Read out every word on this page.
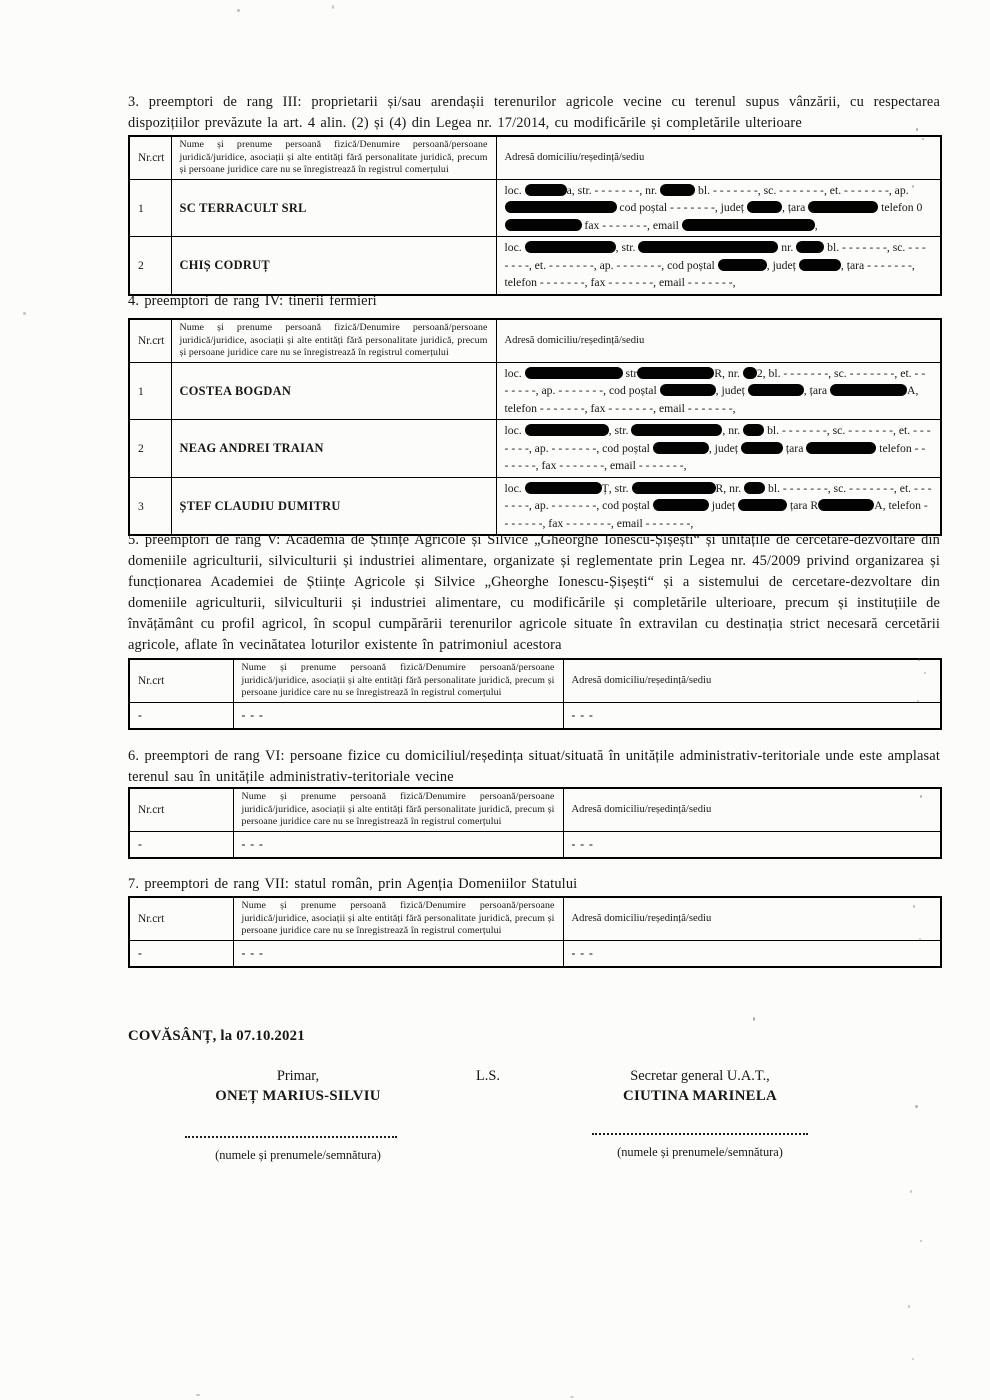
3. preemptori de rang III: proprietarii și/sau arendașii terenurilor agricole vecine cu terenul supus vânzării, cu respectarea dispozițiilor prevăzute la art. 4 alin. (2) și (4) din Legea nr. 17/2014, cu modificările și completările ulterioare
Nr.crt	Nume și prenume persoană fizică/Denumire persoană/persoane juridică/juridice, asociații și alte entități fără personalitate juridică, precum și persoane juridice care nu se înregistrează în registrul comerțului	Adresă domiciliu/reședință/sediu
1	SC TERRACULT SRL	loc. a, str. - - - - - - -, nr. bl. - - - - - - -, sc. - - - - - - -, et. - - - - - - -, ap.  cod poștal - - - - - - -, județ , țara telefon 0 fax - - - - - - -, email ,
2	CHIȘ CODRUȚ	loc. , str. nr.  bl. - - - - - - -, sc. - - - - - - -, et. - - - - - - -, ap. - - - - - - -, cod poștal , județ , țara - - - - - - -, telefon - - - - - - -, fax - - - - - - -, email - - - - - - -,
4. preemptori de rang IV: tinerii fermieri
Nr.crt	Nume și prenume persoană fizică/Denumire persoană/persoane juridică/juridice, asociații și alte entități fără personalitate juridică, precum și persoane juridice care nu se înregistrează în registrul comerțului	Adresă domiciliu/reședință/sediu
1	COSTEA BOGDAN	loc. str R, nr. 2, bl. - - - - - - -, sc. - - - - - - -, et. - - - - - - -, ap. - - - - - - -, cod poștal , județ , țara A, telefon - - - - - - -, fax - - - - - - -, email - - - - - - -,
2	NEAG ANDREI TRAIAN	loc. , str. , nr.  bl. - - - - - - -, sc. - - - - - - -, et. - - - - - - -, ap. - - - - - - -, cod poștal , județ țara telefon - - - - - - -, fax - - - - - - -, email - - - - - - -,
3	ȘTEF CLAUDIU DUMITRU	loc. Ț, str. R, nr.  bl. - - - - - - -, sc. - - - - - - -, et. - - - - - - -, ap. - - - - - - -, cod poștal județ țara R A, telefon - - - - - - -, fax - - - - - - -, email - - - - - - -,
5. preemptori de rang V: Academia de Științe Agricole și Silvice „Gheorghe Ionescu-Șișești“ și unitățile de cercetare-dezvoltare din domeniile agriculturii, silviculturii și industriei alimentare, organizate și reglementate prin Legea nr. 45/2009 privind organizarea și funcționarea Academiei de Științe Agricole și Silvice „Gheorghe Ionescu-Șișești“ și a sistemului de cercetare-dezvoltare din domeniile agriculturii, silviculturii și industriei alimentare, cu modificările și completările ulterioare, precum și instituțiile de învățământ cu profil agricol, în scopul cumpărării terenurilor agricole situate în extravilan cu destinația strict necesară cercetării agricole, aflate în vecinătatea loturilor existente în patrimoniul acestora
Nr.crt	Nume și prenume persoană fizică/Denumire persoană/persoane juridică/juridice, asociații și alte entități fără personalitate juridică, precum și persoane juridice care nu se înregistrează în registrul comerțului	Adresă domiciliu/reședință/sediu
-	- - -	- - -
6. preemptori de rang VI: persoane fizice cu domiciliul/reședința situat/situată în unitățile administrativ-teritoriale unde este amplasat terenul sau în unitățile administrativ-teritoriale vecine
Nr.crt	Nume și prenume persoană fizică/Denumire persoană/persoane juridică/juridice, asociații și alte entități fără personalitate juridică, precum și persoane juridice care nu se înregistrează în registrul comerțului	Adresă domiciliu/reședință/sediu
-	- - -	- - -
7. preemptori de rang VII: statul român, prin Agenția Domeniilor Statului
Nr.crt	Nume și prenume persoană fizică/Denumire persoană/persoane juridică/juridice, asociații și alte entități fără personalitate juridică, precum și persoane juridice care nu se înregistrează în registrul comerțului	Adresă domiciliu/reședință/sediu
-	- - -	- - -
COVĂSÂNȚ, la 07.10.2021
Primar,
ONEȚ MARIUS-SILVIU
L.S.	Secretar general U.A.T.,
CIUTINA MARINELA
(numele și prenumele/semnătura)	(numele și prenumele/semnătura)
